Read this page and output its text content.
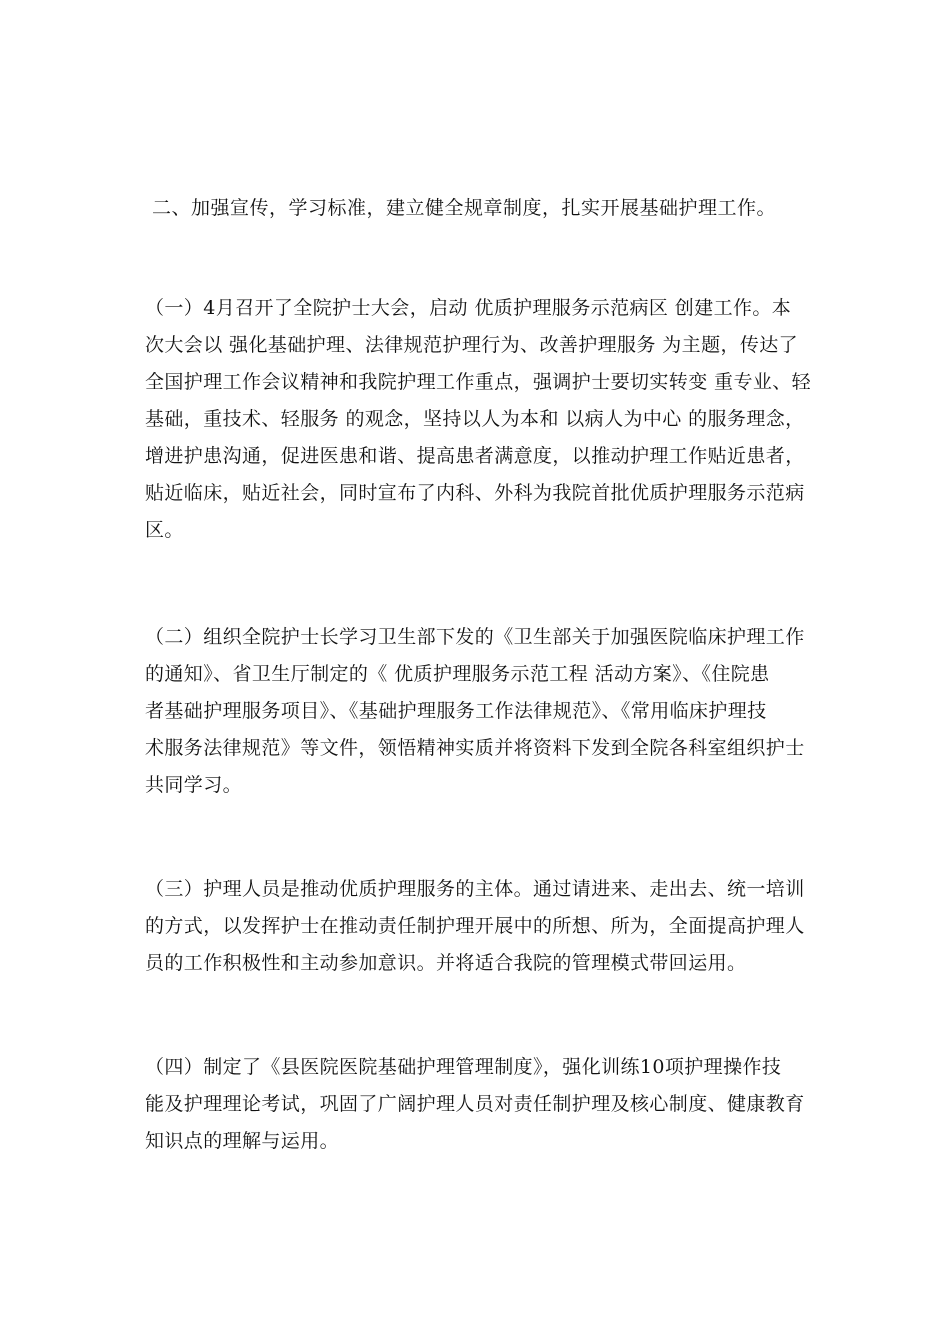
二、加强宣传，学习标准，建立健全规章制度，扎实开展基础护理工作。
（一）4月召开了全院护士大会，启动 优质护理服务示范病区 创建工作。本
次大会以 强化基础护理、法律规范护理行为、改善护理服务 为主题，传达了
全国护理工作会议精神和我院护理工作重点，强调护士要切实转变 重专业、轻
基础，重技术、轻服务 的观念，坚持以人为本和 以病人为中心 的服务理念，
增进护患沟通，促进医患和谐、提高患者满意度，以推动护理工作贴近患者，
贴近临床，贴近社会，同时宣布了内科、外科为我院首批优质护理服务示范病
区。
（二）组织全院护士长学习卫生部下发的《卫生部关于加强医院临床护理工作
的通知》、省卫生厅制定的《 优质护理服务示范工程 活动方案》、《住院患
者基础护理服务项目》、《基础护理服务工作法律规范》、《常用临床护理技
术服务法律规范》等文件，领悟精神实质并将资料下发到全院各科室组织护士
共同学习。
（三）护理人员是推动优质护理服务的主体。通过请进来、走出去、统一培训
的方式，以发挥护士在推动责任制护理开展中的所想、所为，全面提高护理人
员的工作积极性和主动参加意识。并将适合我院的管理模式带回运用。
（四）制定了《县医院医院基础护理管理制度》，强化训练10项护理操作技
能及护理理论考试，巩固了广阔护理人员对责任制护理及核心制度、健康教育
知识点的理解与运用。
